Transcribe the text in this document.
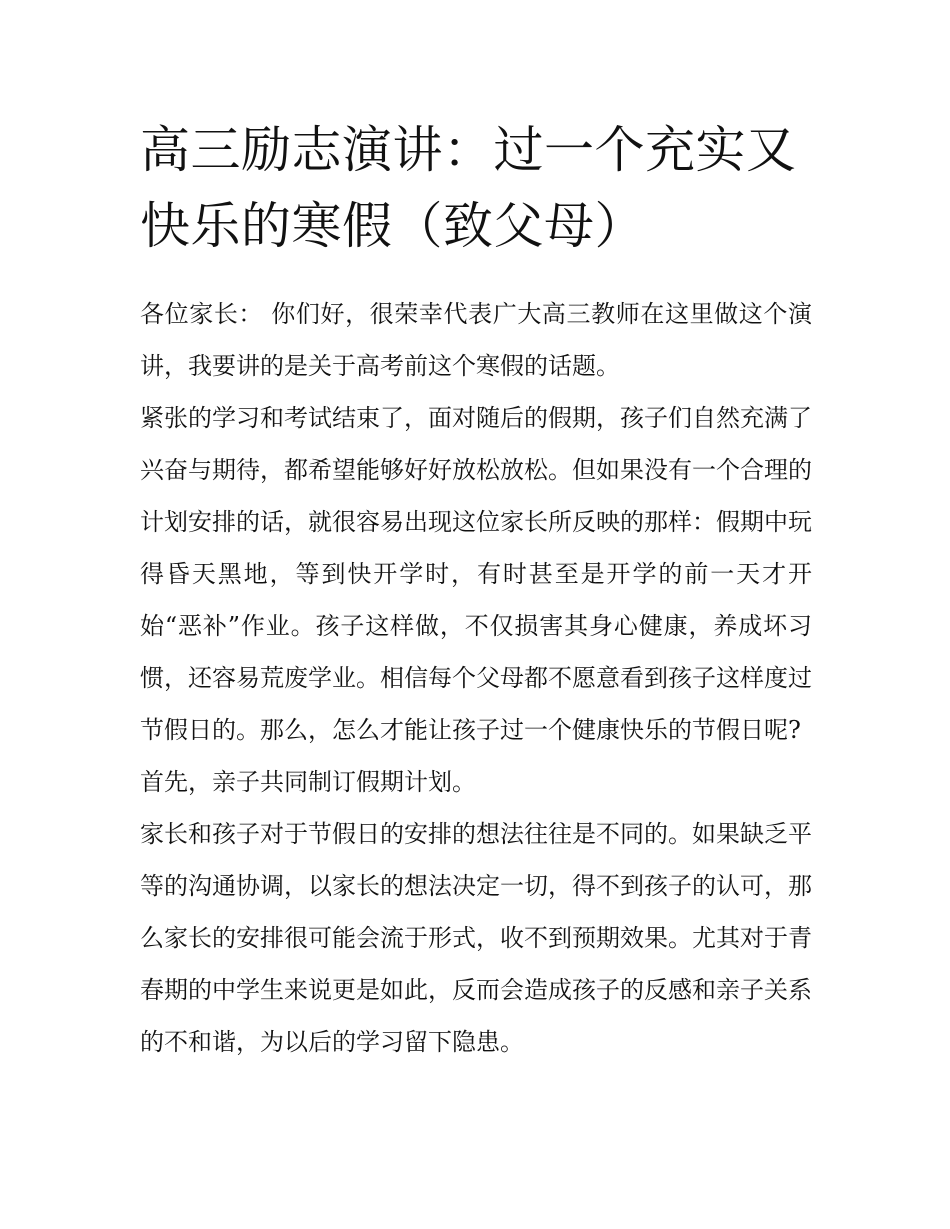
高三励志演讲：过一个充实又快乐的寒假（致父母）

各位家长： 你们好，很荣幸代表广大高三教师在这里做这个演讲，我要讲的是关于高考前这个寒假的话题。

紧张的学习和考试结束了，面对随后的假期，孩子们自然充满了兴奋与期待，都希望能够好好放松放松。但如果没有一个合理的计划安排的话，就很容易出现这位家长所反映的那样：假期中玩得昏天黑地，等到快开学时，有时甚至是开学的前一天才开始“恶补”作业。孩子这样做，不仅损害其身心健康，养成坏习惯，还容易荒废学业。相信每个父母都不愿意看到孩子这样度过节假日的。那么，怎么才能让孩子过一个健康快乐的节假日呢?

首先，亲子共同制订假期计划。

家长和孩子对于节假日的安排的想法往往是不同的。如果缺乏平等的沟通协调，以家长的想法决定一切，得不到孩子的认可，那么家长的安排很可能会流于形式，收不到预期效果。尤其对于青春期的中学生来说更是如此，反而会造成孩子的反感和亲子关系的不和谐，为以后的学习留下隐患。
